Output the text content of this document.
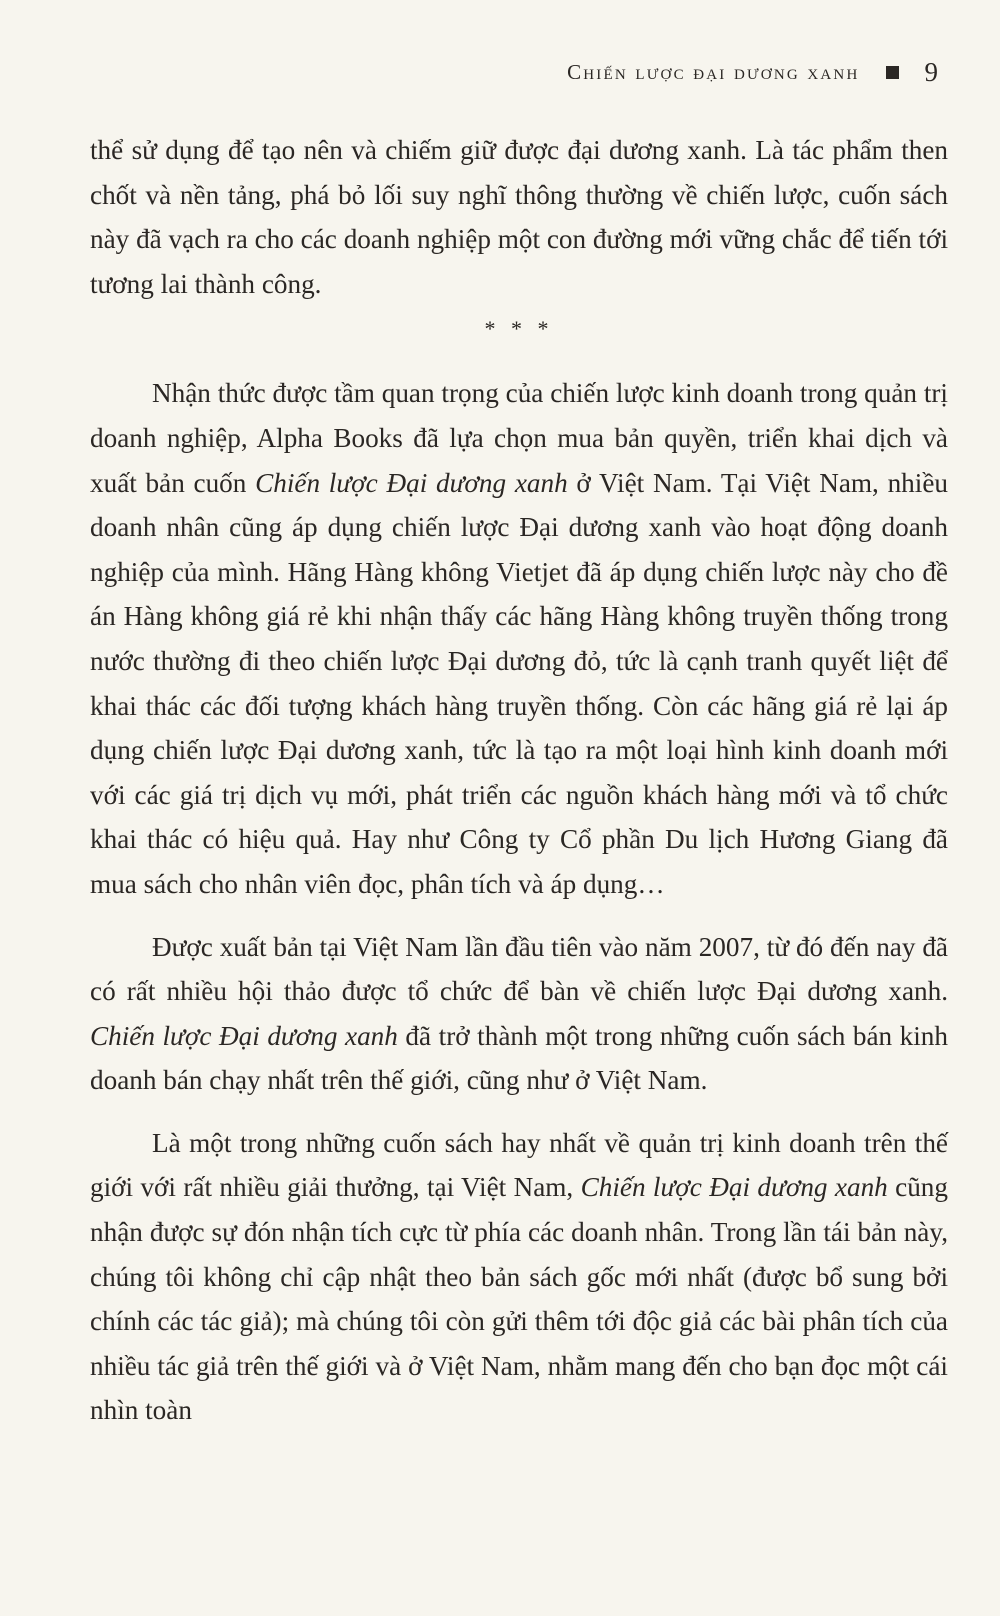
Chiến lược đại dương xanh 9

thể sử dụng để tạo nên và chiếm giữ được đại dương xanh. Là tác phẩm then chốt và nền tảng, phá bỏ lối suy nghĩ thông thường về chiến lược, cuốn sách này đã vạch ra cho các doanh nghiệp một con đường mới vững chắc để tiến tới tương lai thành công.

* * *

Nhận thức được tầm quan trọng của chiến lược kinh doanh trong quản trị doanh nghiệp, Alpha Books đã lựa chọn mua bản quyền, triển khai dịch và xuất bản cuốn Chiến lược Đại dương xanh ở Việt Nam. Tại Việt Nam, nhiều doanh nhân cũng áp dụng chiến lược Đại dương xanh vào hoạt động doanh nghiệp của mình. Hãng Hàng không Vietjet đã áp dụng chiến lược này cho đề án Hàng không giá rẻ khi nhận thấy các hãng Hàng không truyền thống trong nước thường đi theo chiến lược Đại dương đỏ, tức là cạnh tranh quyết liệt để khai thác các đối tượng khách hàng truyền thống. Còn các hãng giá rẻ lại áp dụng chiến lược Đại dương xanh, tức là tạo ra một loại hình kinh doanh mới với các giá trị dịch vụ mới, phát triển các nguồn khách hàng mới và tổ chức khai thác có hiệu quả. Hay như Công ty Cổ phần Du lịch Hương Giang đã mua sách cho nhân viên đọc, phân tích và áp dụng…

Được xuất bản tại Việt Nam lần đầu tiên vào năm 2007, từ đó đến nay đã có rất nhiều hội thảo được tổ chức để bàn về chiến lược Đại dương xanh. Chiến lược Đại dương xanh đã trở thành một trong những cuốn sách bán kinh doanh bán chạy nhất trên thế giới, cũng như ở Việt Nam.

Là một trong những cuốn sách hay nhất về quản trị kinh doanh trên thế giới với rất nhiều giải thưởng, tại Việt Nam, Chiến lược Đại dương xanh cũng nhận được sự đón nhận tích cực từ phía các doanh nhân. Trong lần tái bản này, chúng tôi không chỉ cập nhật theo bản sách gốc mới nhất (được bổ sung bởi chính các tác giả); mà chúng tôi còn gửi thêm tới độc giả các bài phân tích của nhiều tác giả trên thế giới và ở Việt Nam, nhằm mang đến cho bạn đọc một cái nhìn toàn
